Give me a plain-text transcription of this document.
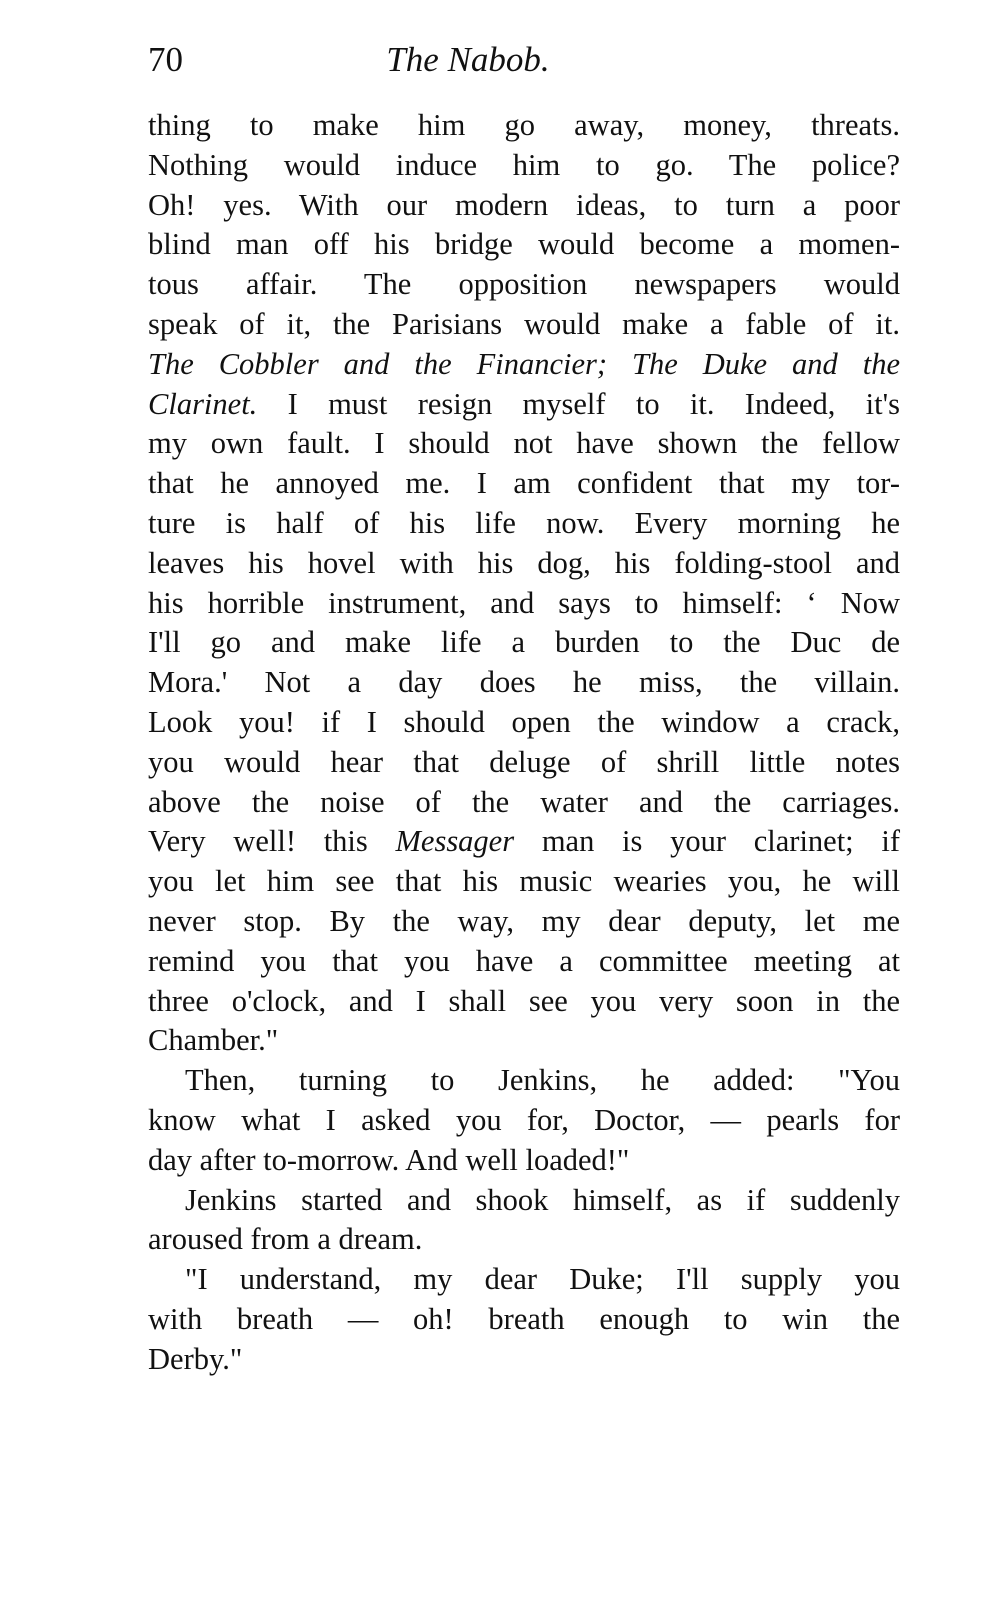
70	The Nabob.
thing to make him go away, money, threats.
Nothing would induce him to go. The police?
Oh! yes. With our modern ideas, to turn a poor
blind man off his bridge would become a momen-
tous affair. The opposition newspapers would
speak of it, the Parisians would make a fable of it.
The Cobbler and the Financier; The Duke and the
Clarinet. I must resign myself to it. Indeed, it's
my own fault. I should not have shown the fellow
that he annoyed me. I am confident that my tor-
ture is half of his life now. Every morning he
leaves his hovel with his dog, his folding-stool and
his horrible instrument, and says to himself: ‘ Now
I'll go and make life a burden to the Duc de
Mora.' Not a day does he miss, the villain.
Look you! if I should open the window a crack,
you would hear that deluge of shrill little notes
above the noise of the water and the carriages.
Very well! this Messager man is your clarinet; if
you let him see that his music wearies you, he will
never stop. By the way, my dear deputy, let me
remind you that you have a committee meeting at
three o'clock, and I shall see you very soon in the
Chamber."
Then, turning to Jenkins, he added: "You
know what I asked you for, Doctor, — pearls for
day after to-morrow. And well loaded!"
Jenkins started and shook himself, as if suddenly
aroused from a dream.
"I understand, my dear Duke; I'll supply you
with breath — oh! breath enough to win the
Derby."
